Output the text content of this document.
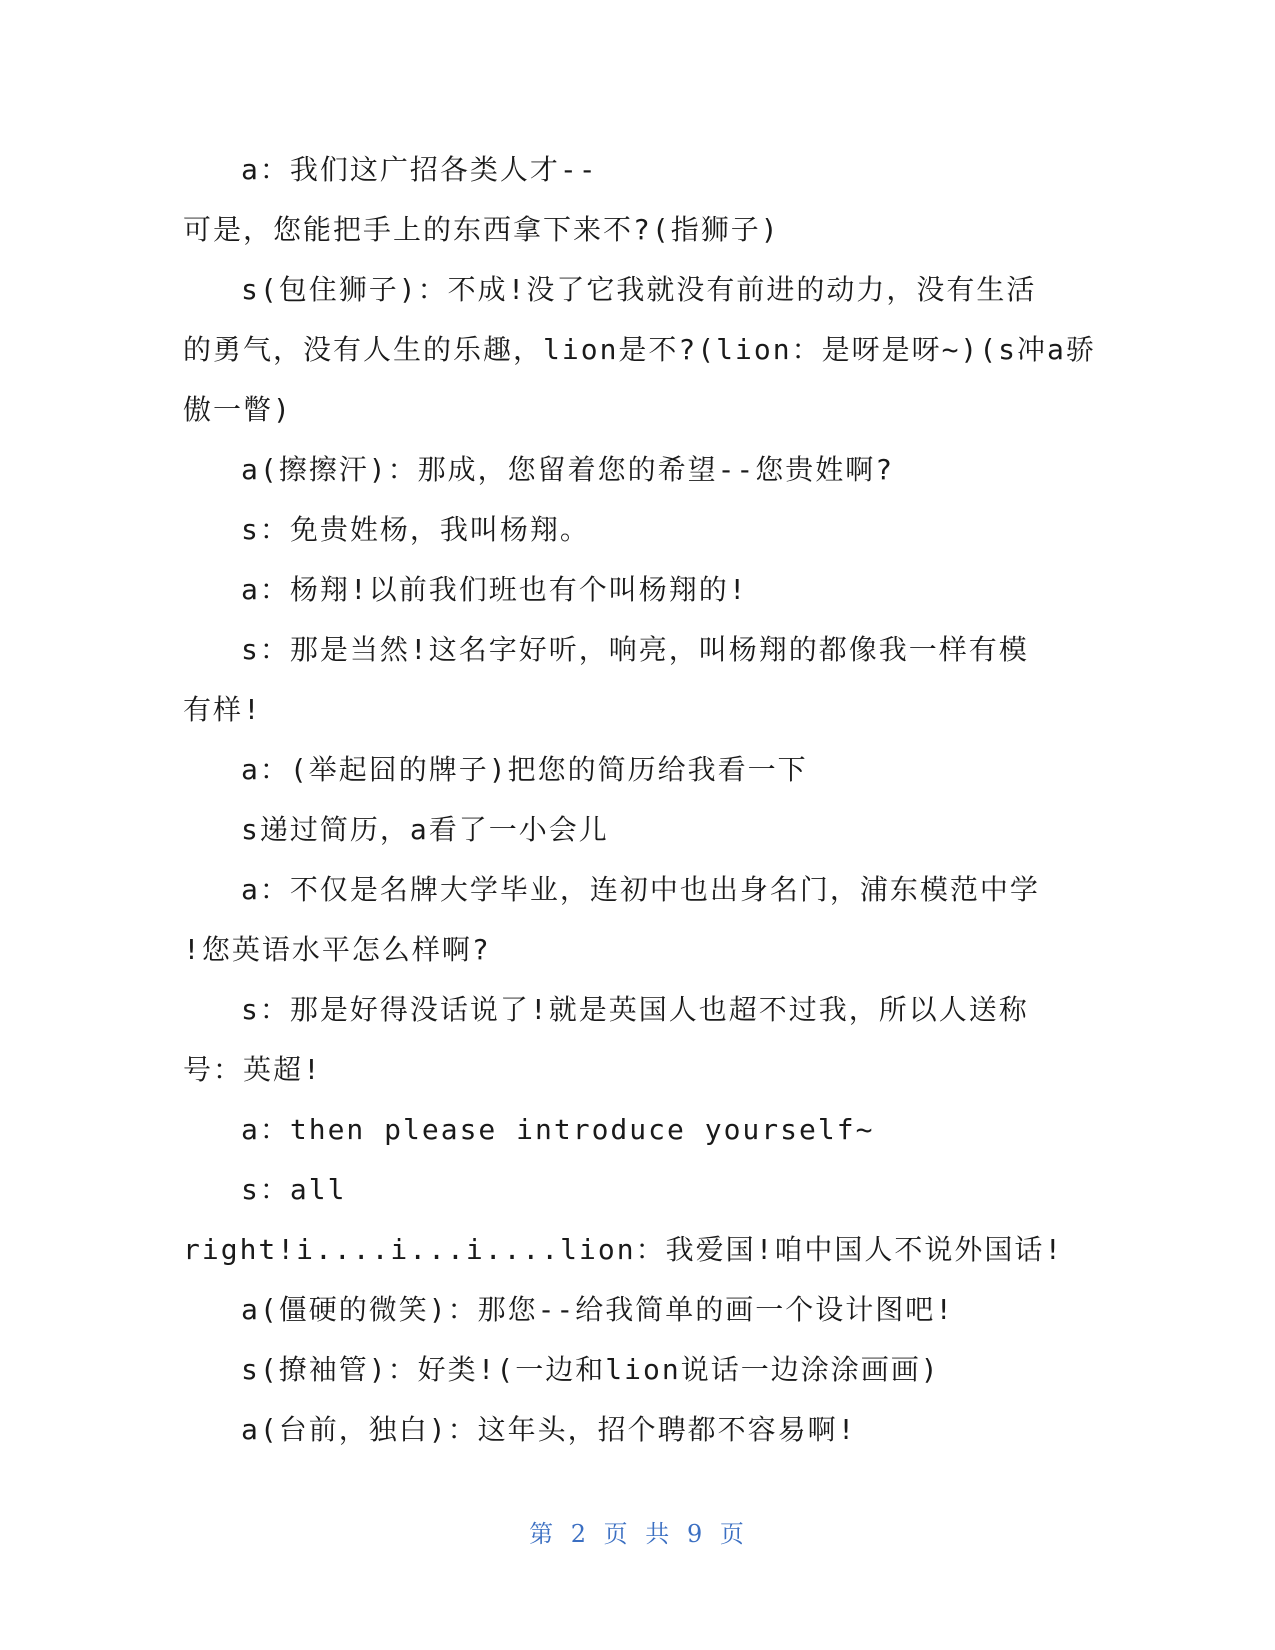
a：我们这广招各类人才--
可是，您能把手上的东西拿下来不?(指狮子)
s(包住狮子)：不成!没了它我就没有前进的动力，没有生活
的勇气，没有人生的乐趣，lion是不?(lion：是呀是呀~)(s冲a骄
傲一瞥)
a(擦擦汗)：那成，您留着您的希望--您贵姓啊?
s：免贵姓杨，我叫杨翔。
a：杨翔!以前我们班也有个叫杨翔的!
s：那是当然!这名字好听，响亮，叫杨翔的都像我一样有模
有样!
a：(举起囧的牌子)把您的简历给我看一下
s递过简历，a看了一小会儿
a：不仅是名牌大学毕业，连初中也出身名门，浦东模范中学
!您英语水平怎么样啊?
s：那是好得没话说了!就是英国人也超不过我，所以人送称
号：英超!
a：then please introduce yourself~
s：all
right!i....i...i....lion：我爱国!咱中国人不说外国话!
a(僵硬的微笑)：那您--给我简单的画一个设计图吧!
s(撩袖管)：好类!(一边和lion说话一边涂涂画画)
a(台前，独白)：这年头，招个聘都不容易啊!
第 2 页 共 9 页
